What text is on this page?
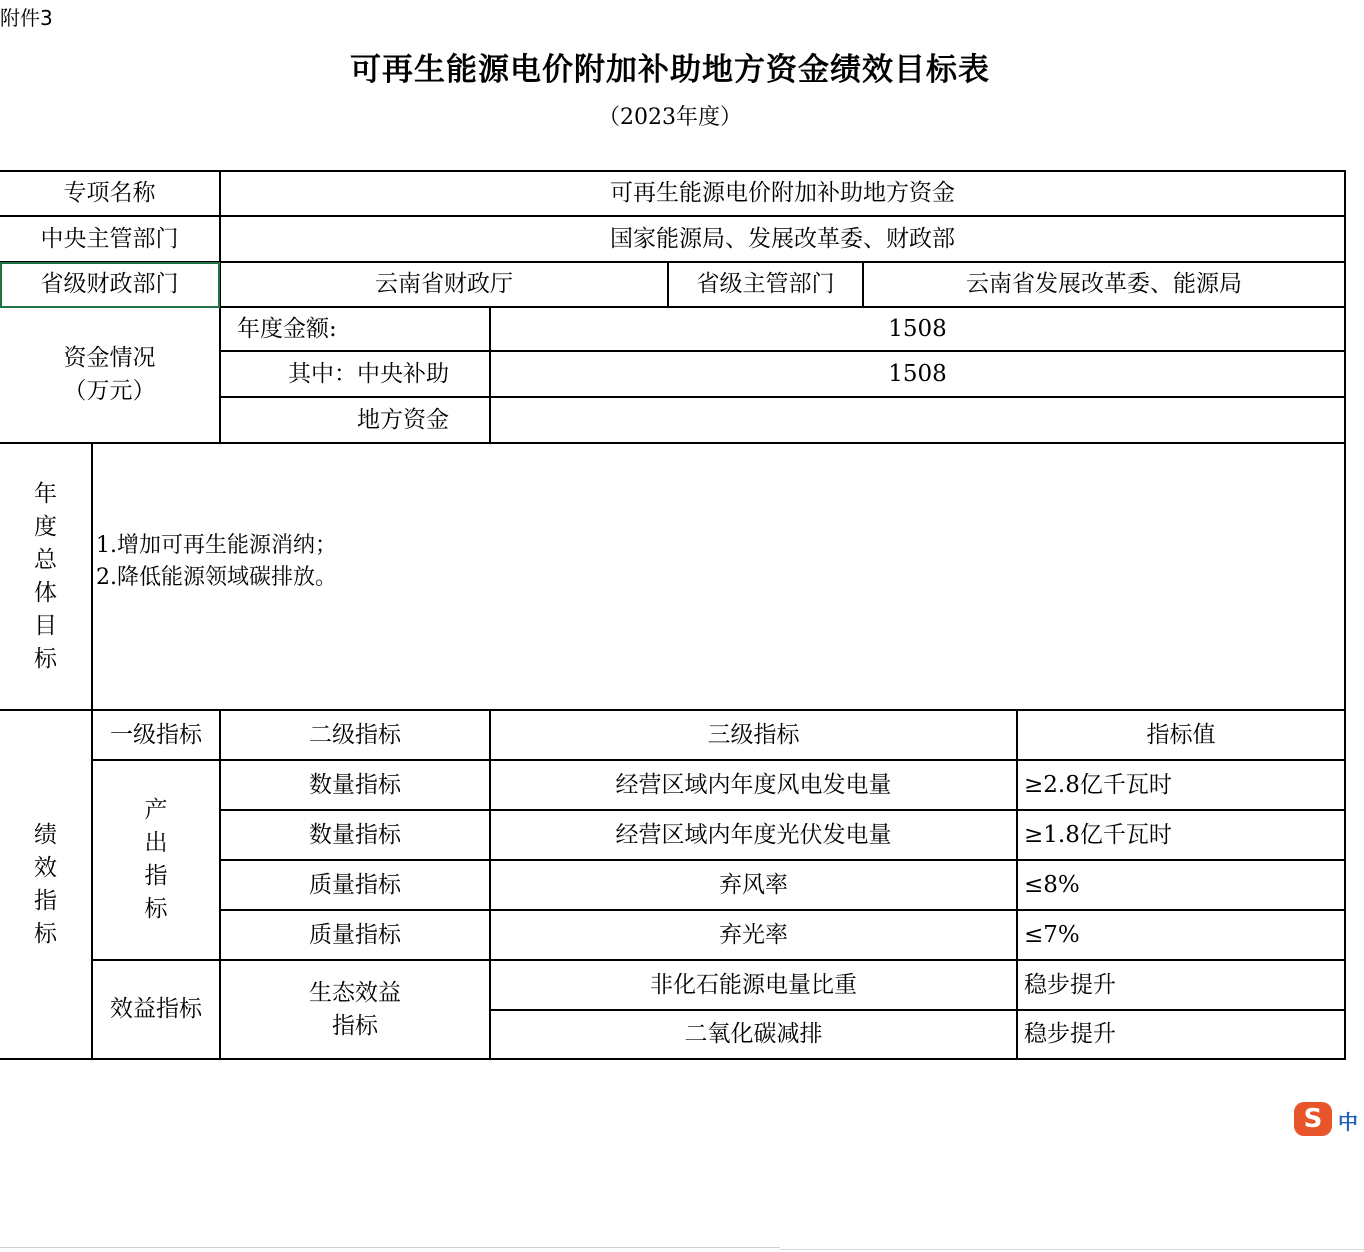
附件3
可再生能源电价附加补助地方资金绩效目标表
（2023年度）
专项名称	可再生能源电价附加补助地方资金
中央主管部门	国家能源局、发展改革委、财政部
省级财政部门	云南省财政厅	省级主管部门	云南省发展改革委、能源局
资金情况
（万元）
年度金额:	1508
其中：中央补助	1508
地方资金
年
度
总
体
目
标
1.增加可再生能源消纳；
2.降低能源领域碳排放。
绩
效
指
标
一级指标	二级指标	三级指标	指标值
产
出
指
标
数量指标	经营区域内年度风电发电量	≥2.8亿千瓦时
数量指标	经营区域内年度光伏发电量	≥1.8亿千瓦时
质量指标	弃风率	≤8%
质量指标	弃光率	≤7%
效益指标
生态效益
指标
非化石能源电量比重	稳步提升
二氧化碳减排	稳步提升
S 中
